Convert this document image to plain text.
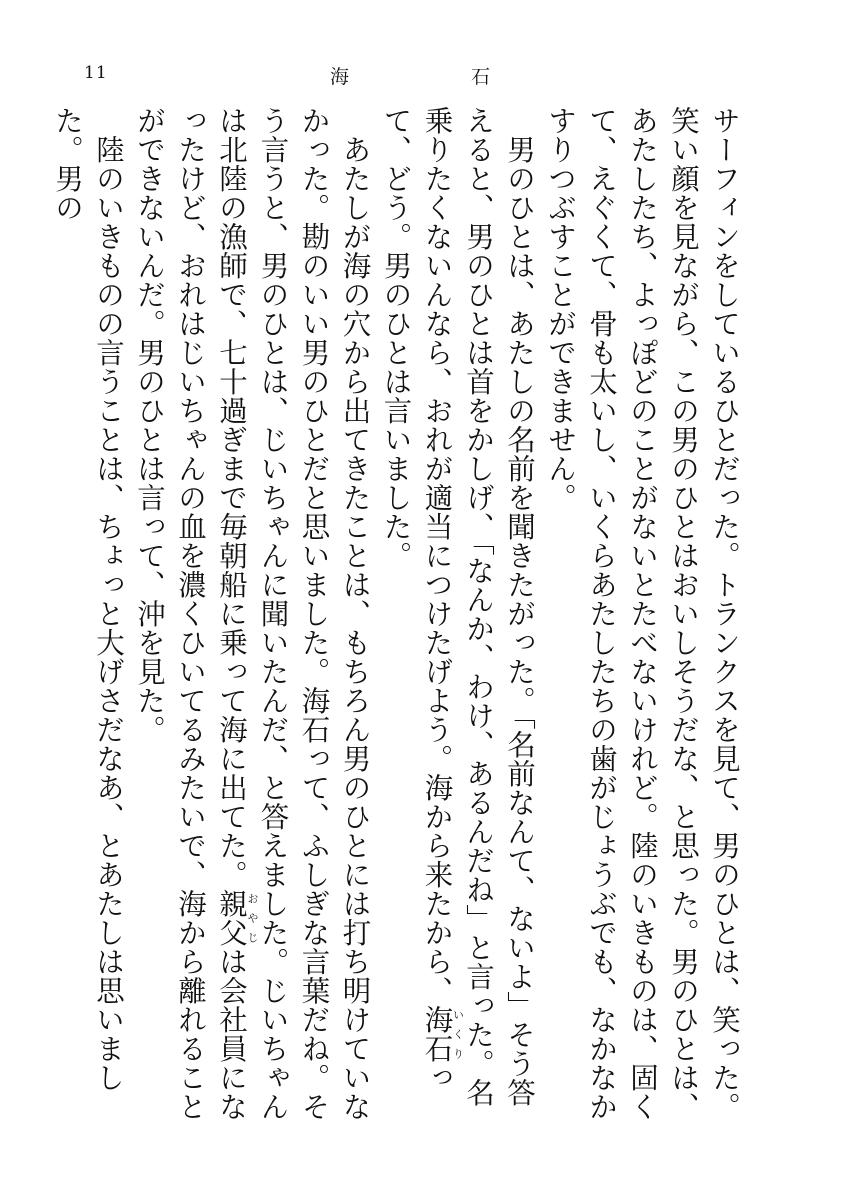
11	海	石

サーフィンをしているひとだった。トランクスを見て、男のひとは、笑った。笑い顔を見ながら、この男のひとはおいしそうだな、と思った。男のひとは、あたしたち、よっぽどのことがないとたべないけれど。陸のいきものは、固くて、えぐくて、骨も太いし、いくらあたしたちの歯がじょうぶでも、なかなかすりつぶすことができません。

男のひとは、あたしの名前を聞きたがった。「名前なんて、ないよ」そう答えると、男のひとは首をかしげ、「なんか、わけ、あるんだね」と言った。名乗りたくないんなら、おれが適当につけたげよう。海から来たから、海石いくりって、どう。男のひとは言いました。

あたしが海の穴から出てきたことは、もちろん男のひとには打ち明けていなかった。勘のいい男のひとだと思いました。海石って、ふしぎな言葉だね。そう言うと、男のひとは、じいちゃんに聞いたんだ、と答えました。じいちゃんは北陸の漁師で、七十過ぎまで毎朝船に乗って海に出てた。親父おやじは会社員になったけど、おれはじいちゃんの血を濃くひいてるみたいで、海から離れることができないんだ。男のひとは言って、沖を見た。

陸のいきものの言うことは、ちょっと大げさだなあ、とあたしは思いました。男の
